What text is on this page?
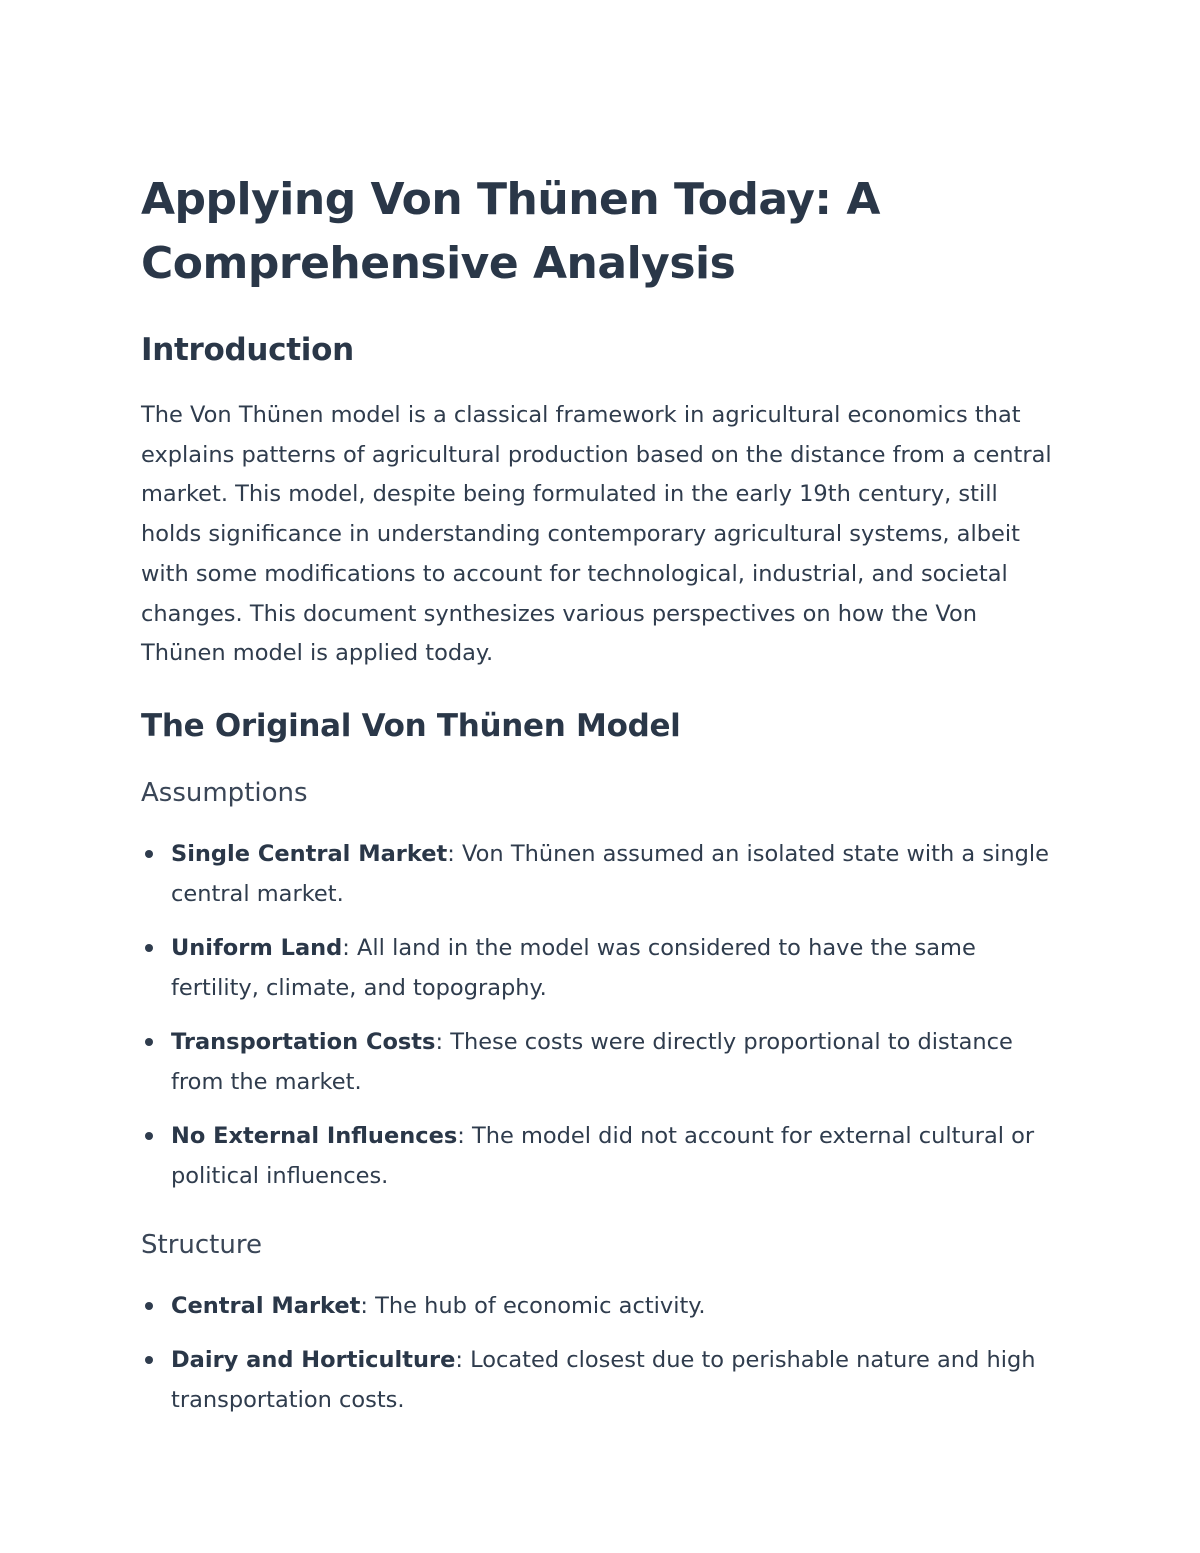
Applying Von Thünen Today: A Comprehensive Analysis
Introduction

The Von Thünen model is a classical framework in agricultural economics that explains patterns of agricultural production based on the distance from a central market. This model, despite being formulated in the early 19th century, still holds significance in understanding contemporary agricultural systems, albeit with some modifications to account for technological, industrial, and societal changes. This document synthesizes various perspectives on how the Von Thünen model is applied today.

The Original Von Thünen Model
Assumptions
Single Central Market: Von Thünen assumed an isolated state with a single central market.
Uniform Land: All land in the model was considered to have the same fertility, climate, and topography.
Transportation Costs: These costs were directly proportional to distance from the market.
No External Influences: The model did not account for external cultural or political influences.
Structure
Central Market: The hub of economic activity.
Dairy and Horticulture: Located closest due to perishable nature and high transportation costs.
